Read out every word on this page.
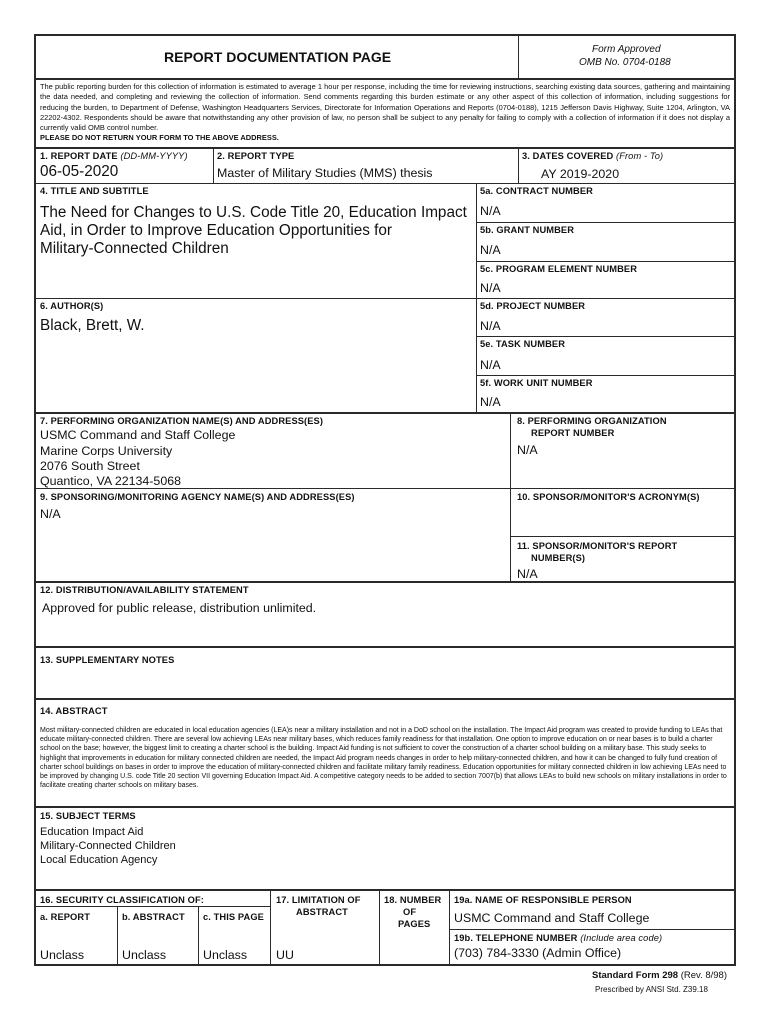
REPORT DOCUMENTATION PAGE	Form Approved
OMB No. 0704-0188
The public reporting burden for this collection of information is estimated to average 1 hour per response, including the time for reviewing instructions, searching existing data sources, gathering and maintaining the data needed, and completing and reviewing the collection of information. Send comments regarding this burden estimate or any other aspect of this collection of information, including suggestions for reducing the burden, to Department of Defense, Washington Headquarters Services, Directorate for Information Operations and Reports (0704-0188), 1215 Jefferson Davis Highway, Suite 1204, Arlington, VA 22202-4302. Respondents should be aware that notwithstanding any other provision of law, no person shall be subject to any penalty for failing to comply with a collection of information if it does not display a currently valid OMB control number.
PLEASE DO NOT RETURN YOUR FORM TO THE ABOVE ADDRESS.
1. REPORT DATE (DD-MM-YYYY)
06-05-2020
2. REPORT TYPE
Master of Military Studies (MMS) thesis
3. DATES COVERED (From - To)
AY 2019-2020
4. TITLE AND SUBTITLE
The Need for Changes to U.S. Code Title 20, Education Impact
Aid, in Order to Improve Education Opportunities for
Military-Connected Children
5a. CONTRACT NUMBER
N/A
5b. GRANT NUMBER
N/A
5c. PROGRAM ELEMENT NUMBER
N/A
6. AUTHOR(S)
Black, Brett, W.
5d. PROJECT NUMBER
N/A
5e. TASK NUMBER
N/A
5f. WORK UNIT NUMBER
N/A
7. PERFORMING ORGANIZATION NAME(S) AND ADDRESS(ES)
USMC Command and Staff College
Marine Corps University
2076 South Street
Quantico, VA 22134-5068
8. PERFORMING ORGANIZATION
REPORT NUMBER
N/A
9. SPONSORING/MONITORING AGENCY NAME(S) AND ADDRESS(ES)
N/A
10. SPONSOR/MONITOR'S ACRONYM(S)
11. SPONSOR/MONITOR'S REPORT
NUMBER(S)
N/A
12. DISTRIBUTION/AVAILABILITY STATEMENT
Approved for public release, distribution unlimited.
13. SUPPLEMENTARY NOTES
14. ABSTRACT
Most military-connected children are educated in local education agencies (LEA)s near a military installation and not in a DoD school on the installation. The Impact Aid program was created to provide funding to LEAs that educate military-connected children. There are several low achieving LEAs near military bases, which reduces family readiness for that installation. One option to improve education on or near bases is to build a charter school on the base; however, the biggest limit to creating a charter school is the building. Impact Aid funding is not sufficient to cover the construction of a charter school building on a military base. This study seeks to highlight that improvements in education for military connected children are needed, the Impact Aid program needs changes in order to help military-connected children, and how it can be changed to fully fund creation of charter school buildings on bases in order to improve the education of military-connected children and facilitate military family readiness. Education opportunities for military connected children in low achieving LEAs need to be improved by changing U.S. code Title 20 section VII governing Education Impact Aid. A competitive category needs to be added to section 7007(b) that allows LEAs to build new schools on military installations in order to facilitate creating charter schools on military bases.
15. SUBJECT TERMS
Education Impact Aid
Military-Connected Children
Local Education Agency
16. SECURITY CLASSIFICATION OF:
a. REPORT	b. ABSTRACT c. THIS PAGE
Unclass	Unclass	Unclass
17. LIMITATION OF
ABSTRACT
UU
18. NUMBER
OF
PAGES
19a. NAME OF RESPONSIBLE PERSON
USMC Command and Staff College
19b. TELEPHONE NUMBER (Include area code)
(703) 784-3330 (Admin Office)
Standard Form 298 (Rev. 8/98)
Prescribed by ANSI Std. Z39.18
